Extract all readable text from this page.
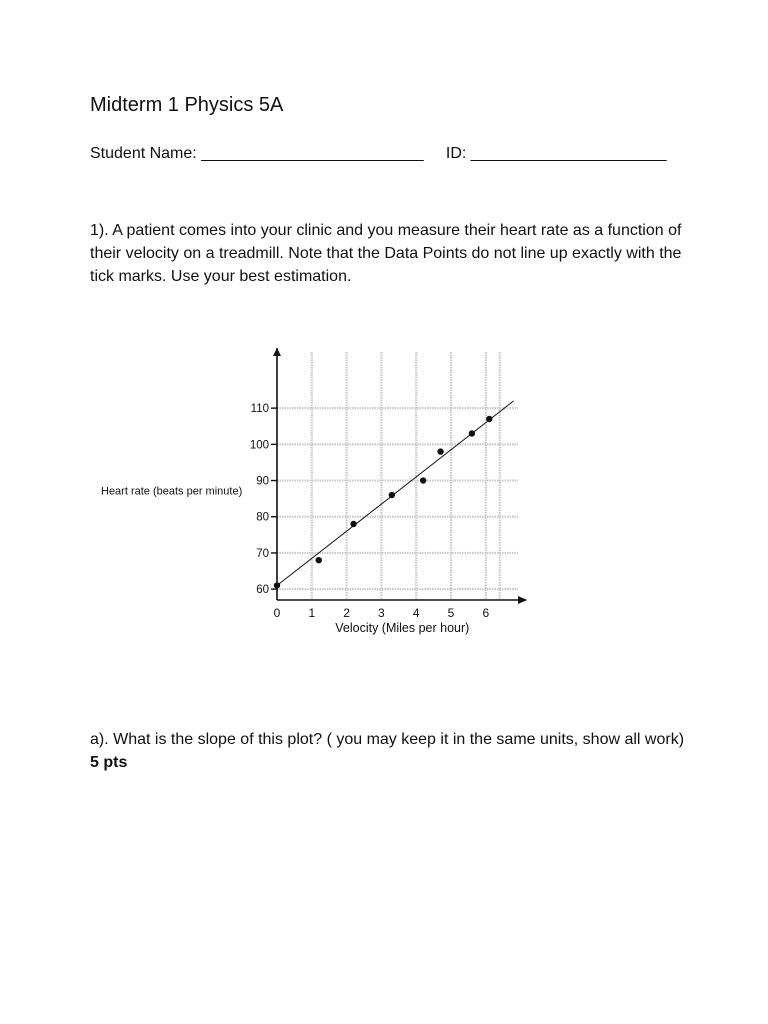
Midterm 1 Physics 5A
Student Name: _________________________ ID: ______________________

1). A patient comes into your clinic and you measure their heart rate as a function of their velocity on a treadmill. Note that the Data Points do not line up exactly with the tick marks. Use your best estimation.

60
70
80
90
100
110
0 1 2 3 4 5 6
Heart rate (beats per minute)
Velocity (Miles per hour)

a). What is the slope of this plot? ( you may keep it in the same units, show all work) 5 pts
